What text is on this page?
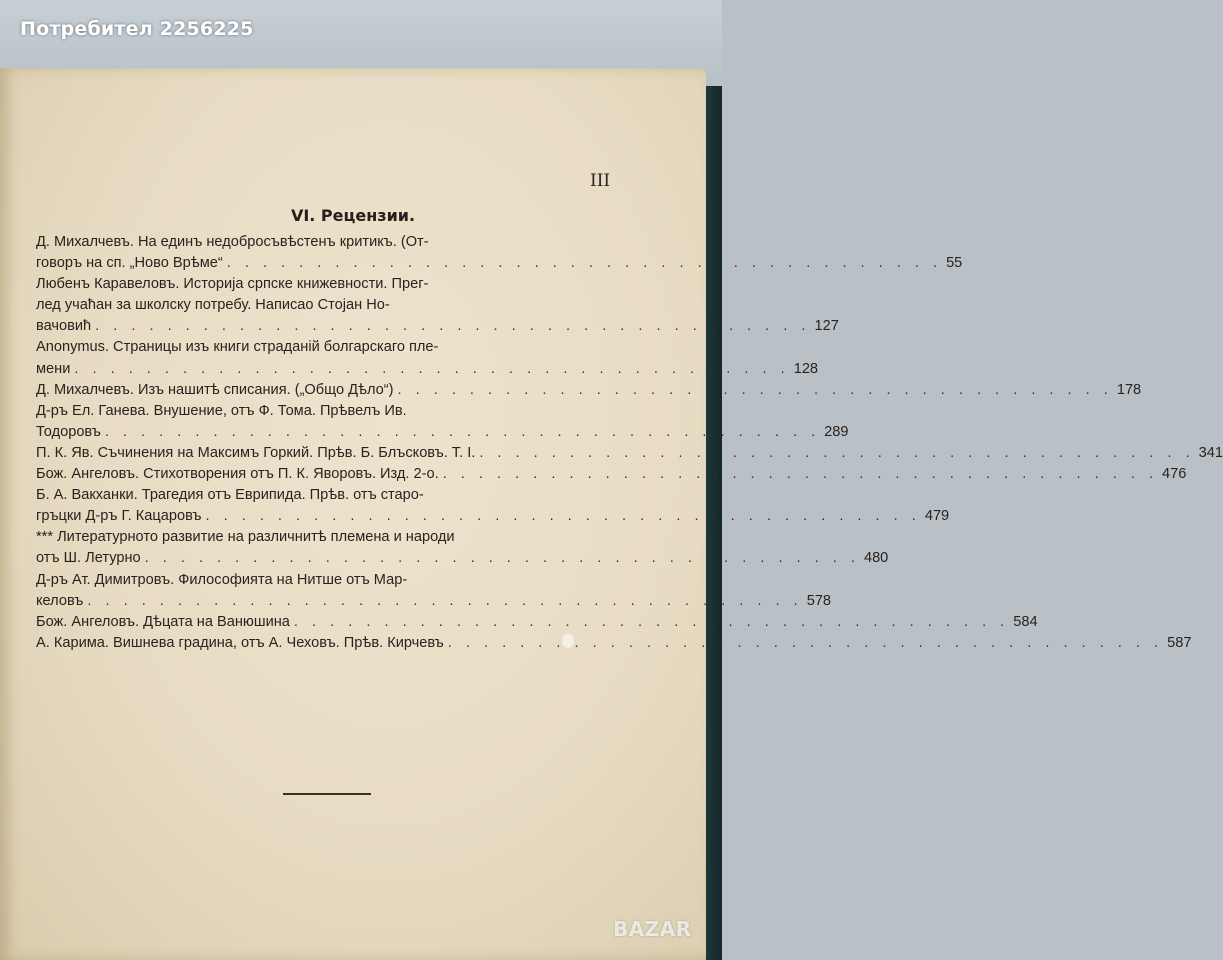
Потребител 2256225
III
VI. Рецензии.
Д. Михалчевъ. На единъ недобросъвѣстенъ критикъ. (От-
говоръ на сп. „Ново Врѣме“ . . . . . . . . . . . . . . . . . . . . . . . . . . . . . . . . . . . . . . . . 55
Любенъ Каравеловъ. Историја српске книжевности. Прег-
лед учаћан за школску потребу. Написао Стојан Но-
вачовић . . . . . . . . . . . . . . . . . . . . . . . . . . . . . . . . . . . . . . . . 127
Anonymus. Страницы изъ книги страданій болгарскаго пле-
мени . . . . . . . . . . . . . . . . . . . . . . . . . . . . . . . . . . . . . . . . 128
Д. Михалчевъ. Изъ нашитѣ списания. („Общо Дѣло“) . . . . . . . . . . . . . . . . . . . . . . . . . . . . . . . . . . . . . . . . 178
Д-ръ Ел. Ганева. Внушение, отъ Ф. Тома. Прѣвелъ Ив.
Тодоровъ . . . . . . . . . . . . . . . . . . . . . . . . . . . . . . . . . . . . . . . . 289
П. К. Яв. Съчинения на Максимъ Горкий. Прѣв. Б. Блъсковъ. Т. I. . . . . . . . . . . . . . . . . . . . . . . . . . . . . . . . . . . . . . . . . 341
Бож. Ангеловъ. Стихотворения отъ П. К. Яворовъ. Изд. 2-о. . . . . . . . . . . . . . . . . . . . . . . . . . . . . . . . . . . . . . . . . 476
Б. А. Вакханки. Трагедия отъ Еврипида. Прѣв. отъ старо-
гръцки Д-ръ Г. Кацаровъ . . . . . . . . . . . . . . . . . . . . . . . . . . . . . . . . . . . . . . . . 479
*** Литературното развитие на различнитѣ племена и народи
отъ Ш. Летурно . . . . . . . . . . . . . . . . . . . . . . . . . . . . . . . . . . . . . . . . 480
Д-ръ Ат. Димитровъ. Философията на Нитше отъ Мар-
келовъ . . . . . . . . . . . . . . . . . . . . . . . . . . . . . . . . . . . . . . . . 578
Бож. Ангеловъ. Дѣцата на Ванюшина . . . . . . . . . . . . . . . . . . . . . . . . . . . . . . . . . . . . . . . . 584
А. Карима. Вишнева градина, отъ А. Чеховъ. Прѣв. Кирчевъ . . . . . . . . . . . . . . . . . . . . . . . . . . . . . . . . . . . . . . . . 587
BAZAR
